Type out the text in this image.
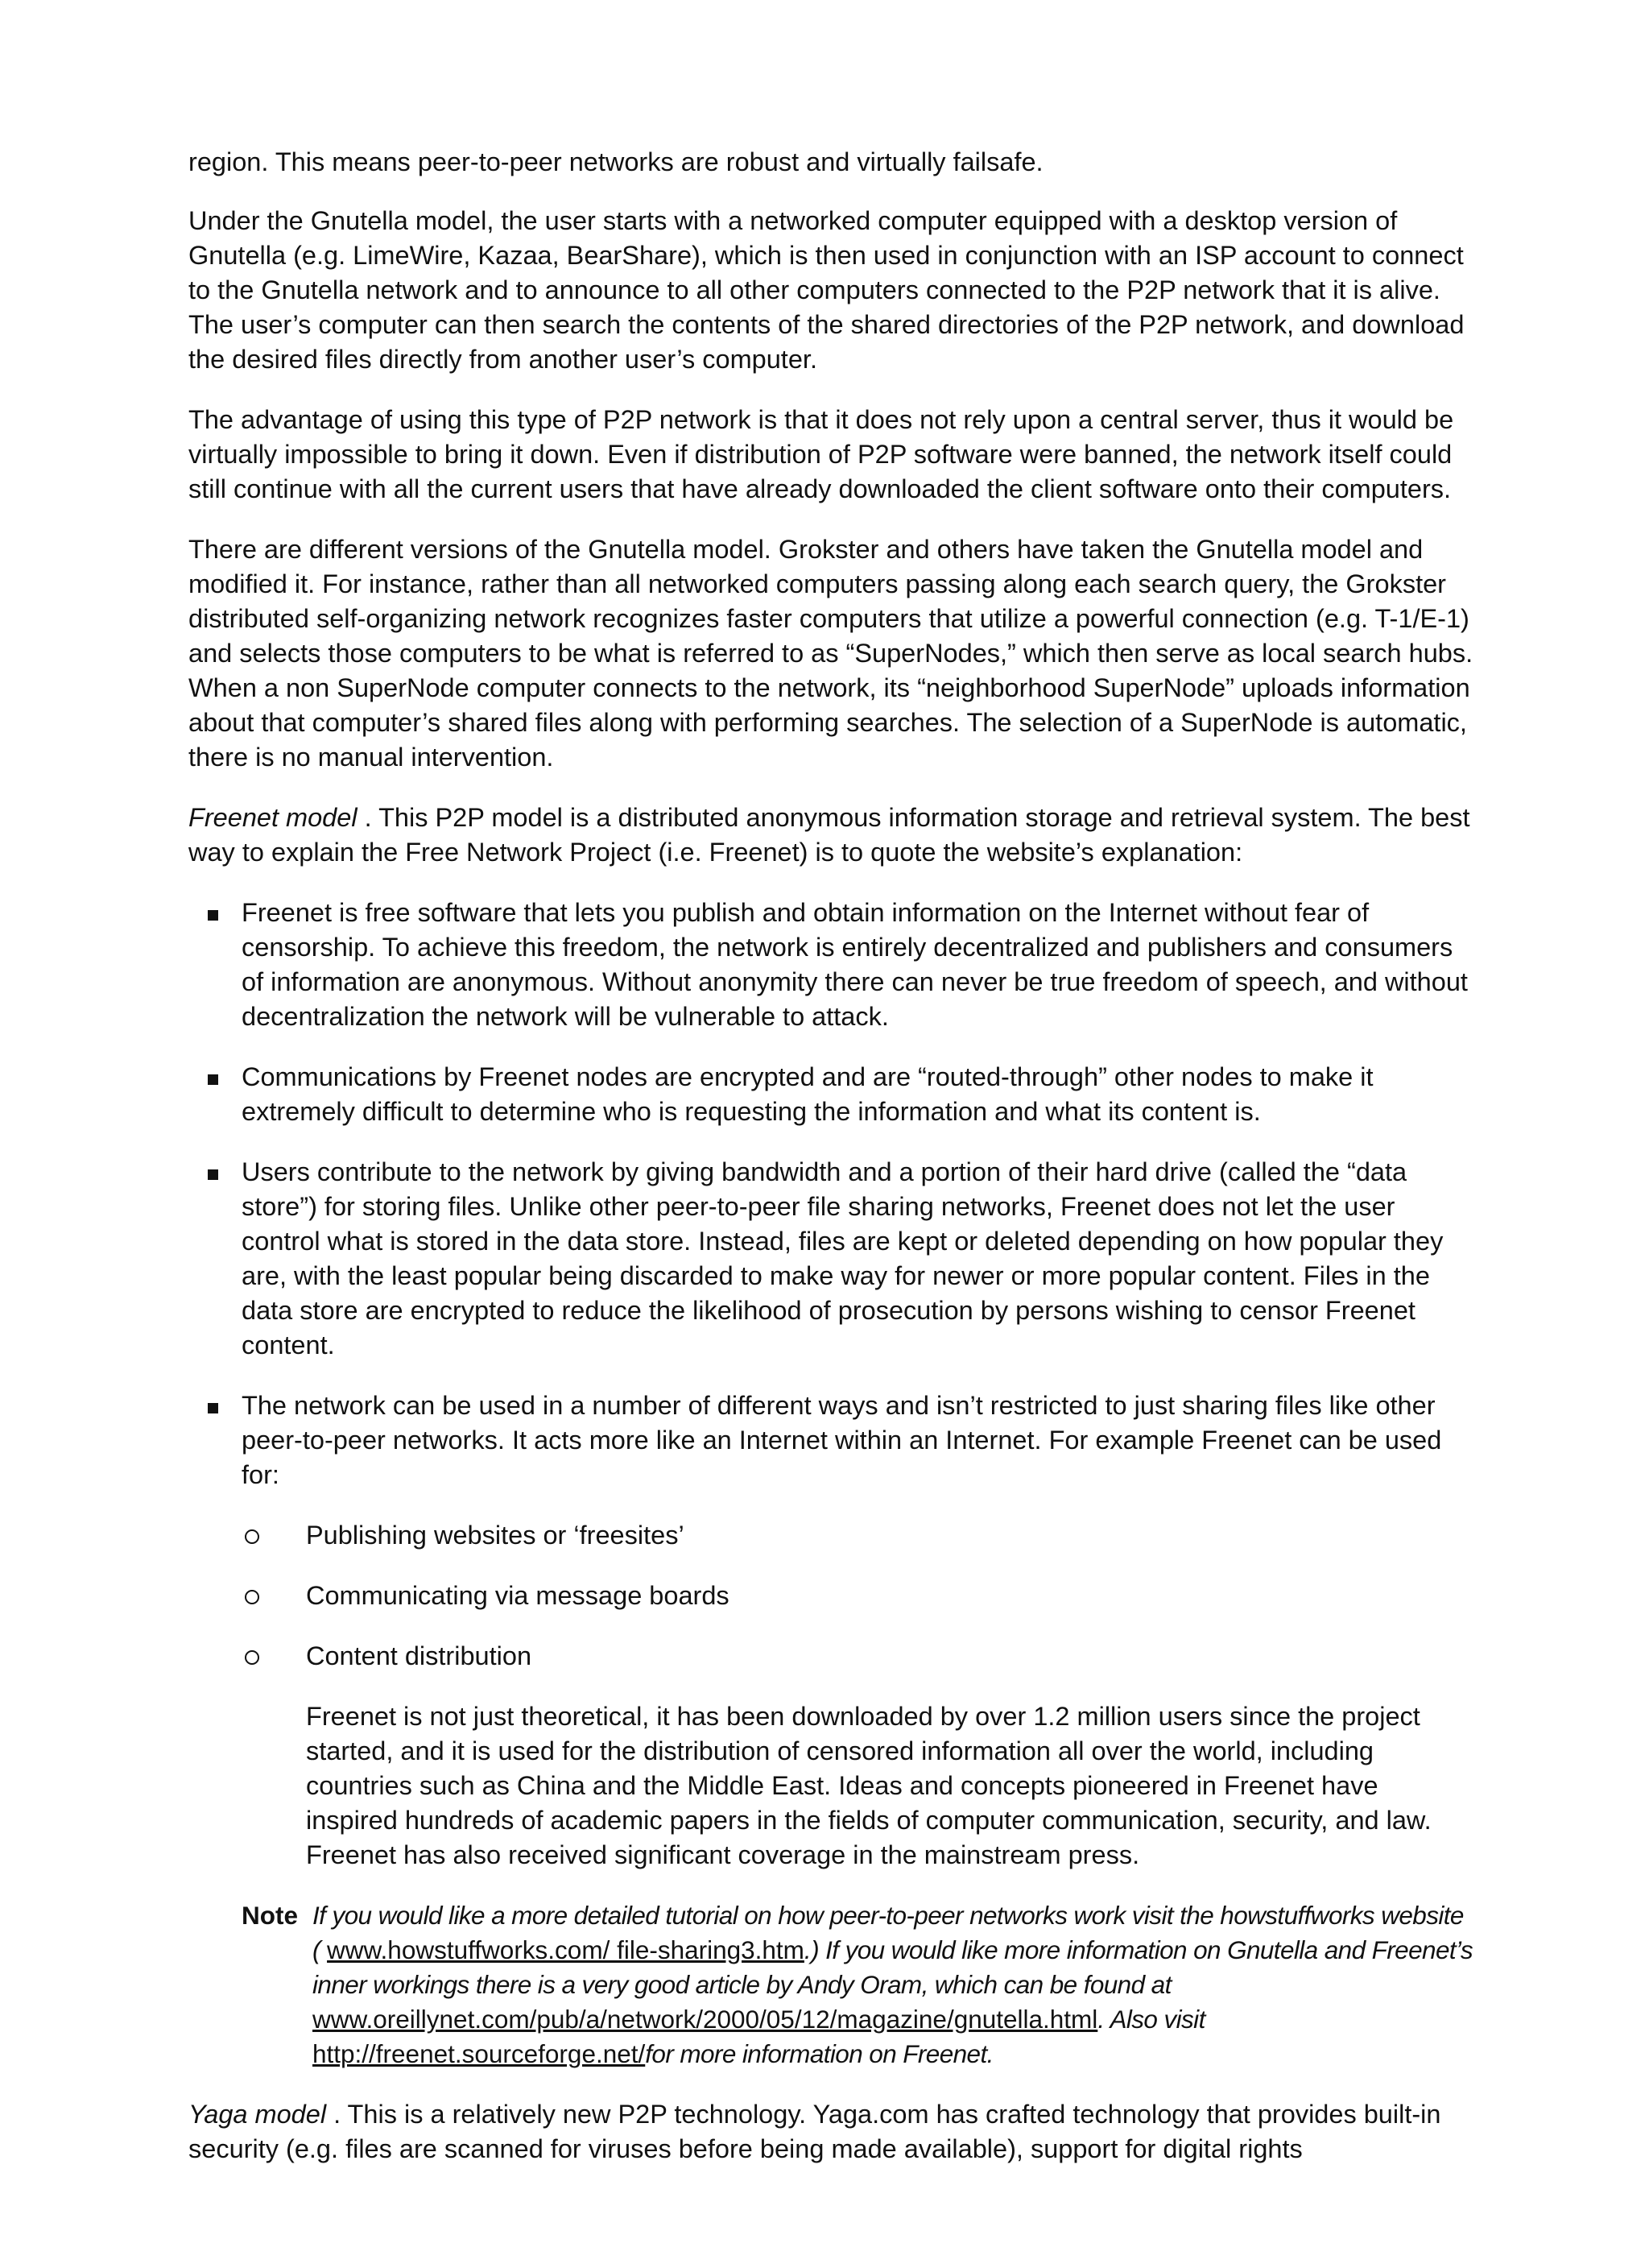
region. This means peer-to-peer networks are robust and virtually failsafe.

Under the Gnutella model, the user starts with a networked computer equipped with a desktop version of Gnutella (e.g. LimeWire, Kazaa, BearShare), which is then used in conjunction with an ISP account to connect to the Gnutella network and to announce to all other computers connected to the P2P network that it is alive. The user’s computer can then search the contents of the shared directories of the P2P network, and download the desired files directly from another user’s computer.

The advantage of using this type of P2P network is that it does not rely upon a central server, thus it would be virtually impossible to bring it down. Even if distribution of P2P software were banned, the network itself could still continue with all the current users that have already downloaded the client software onto their computers.

There are different versions of the Gnutella model. Grokster and others have taken the Gnutella model and modified it. For instance, rather than all networked computers passing along each search query, the Grokster distributed self-organizing network recognizes faster computers that utilize a powerful connection (e.g. T-1/E-1) and selects those computers to be what is referred to as “SuperNodes,” which then serve as local search hubs. When a non SuperNode computer connects to the network, its “neighborhood SuperNode” uploads information about that computer’s shared files along with performing searches. The selection of a SuperNode is automatic, there is no manual intervention.

Freenet model . This P2P model is a distributed anonymous information storage and retrieval system. The best way to explain the Free Network Project (i.e. Freenet) is to quote the website’s explanation:

Freenet is free software that lets you publish and obtain information on the Internet without fear of censorship. To achieve this freedom, the network is entirely decentralized and publishers and consumers of information are anonymous. Without anonymity there can never be true freedom of speech, and without decentralization the network will be vulnerable to attack.
Communications by Freenet nodes are encrypted and are “routed-through” other nodes to make it extremely difficult to determine who is requesting the information and what its content is.
Users contribute to the network by giving bandwidth and a portion of their hard drive (called the “data store”) for storing files. Unlike other peer-to-peer file sharing networks, Freenet does not let the user control what is stored in the data store. Instead, files are kept or deleted depending on how popular they are, with the least popular being discarded to make way for newer or more popular content. Files in the data store are encrypted to reduce the likelihood of prosecution by persons wishing to censor Freenet content.
The network can be used in a number of different ways and isn’t restricted to just sharing files like other peer-to-peer networks. It acts more like an Internet within an Internet. For example Freenet can be used for:
Publishing websites or ‘freesites’
Communicating via message boards
Content distribution

Freenet is not just theoretical, it has been downloaded by over 1.2 million users since the project started, and it is used for the distribution of censored information all over the world, including countries such as China and the Middle East. Ideas and concepts pioneered in Freenet have inspired hundreds of academic papers in the fields of computer communication, security, and law. Freenet has also received significant coverage in the mainstream press.

Note If you would like a more detailed tutorial on how peer-to-peer networks work visit the howstuffworks website ( www.howstuffworks.com/ file-sharing3.htm.) If you would like more information on Gnutella and Freenet’s inner workings there is a very good article by Andy Oram, which can be found at www.oreillynet.com/pub/a/network/2000/05/12/magazine/gnutella.html. Also visit http://freenet.sourceforge.net/for more information on Freenet.

Yaga model . This is a relatively new P2P technology. Yaga.com has crafted technology that provides built-in security (e.g. files are scanned for viruses before being made available), support for digital rights
